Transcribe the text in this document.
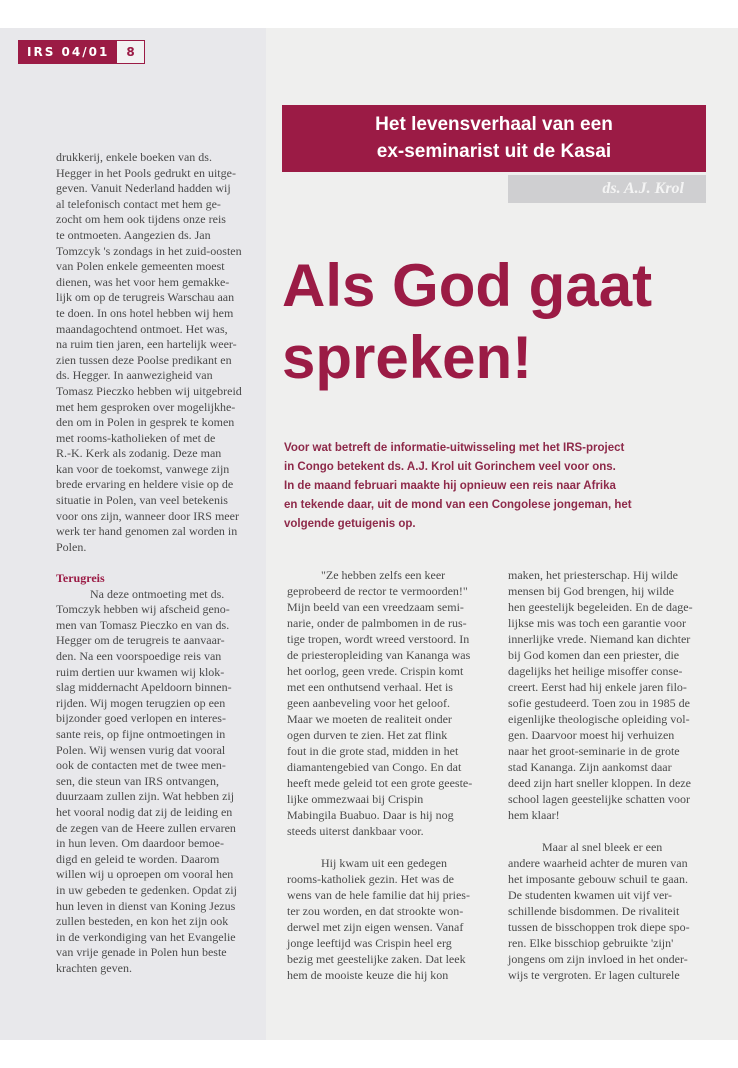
IRS 04/01	8
drukkerij, enkele boeken van ds.
Hegger in het Pools gedrukt en uitge-
geven. Vanuit Nederland hadden wij
al telefonisch contact met hem ge-
zocht om hem ook tijdens onze reis
te ontmoeten. Aangezien ds. Jan
Tomzcyk 's zondags in het zuid-oosten
van Polen enkele gemeenten moest
dienen, was het voor hem gemakke-
lijk om op de terugreis Warschau aan
te doen. In ons hotel hebben wij hem
maandagochtend ontmoet. Het was,
na ruim tien jaren, een hartelijk weer-
zien tussen deze Poolse predikant en
ds. Hegger. In aanwezigheid van
Tomasz Pieczko hebben wij uitgebreid
met hem gesproken over mogelijkhe-
den om in Polen in gesprek te komen
met rooms-katholieken of met de
R.-K. Kerk als zodanig. Deze man
kan voor de toekomst, vanwege zijn
brede ervaring en heldere visie op de
situatie in Polen, van veel betekenis
voor ons zijn, wanneer door IRS meer
werk ter hand genomen zal worden in
Polen.
Terugreis
Na deze ontmoeting met ds.
Tomczyk hebben wij afscheid geno-
men van Tomasz Pieczko en van ds.
Hegger om de terugreis te aanvaar-
den. Na een voorspoedige reis van
ruim dertien uur kwamen wij klok-
slag middernacht Apeldoorn binnen-
rijden. Wij mogen terugzien op een
bijzonder goed verlopen en interes-
sante reis, op fijne ontmoetingen in
Polen. Wij wensen vurig dat vooral
ook de contacten met de twee men-
sen, die steun van IRS ontvangen,
duurzaam zullen zijn. Wat hebben zij
het vooral nodig dat zij de leiding en
de zegen van de Heere zullen ervaren
in hun leven. Om daardoor bemoe-
digd en geleid te worden. Daarom
willen wij u oproepen om vooral hen
in uw gebeden te gedenken. Opdat zij
hun leven in dienst van Koning Jezus
zullen besteden, en kon het zijn ook
in de verkondiging van het Evangelie
van vrije genade in Polen hun beste
krachten geven.
Het levensverhaal van een
ex-seminarist uit de Kasai
ds. A.J. Krol
Als God gaat
spreken!
Voor wat betreft de informatie-uitwisseling met het IRS-project
in Congo betekent ds. A.J. Krol uit Gorinchem veel voor ons.
In de maand februari maakte hij opnieuw een reis naar Afrika
en tekende daar, uit de mond van een Congolese jongeman, het
volgende getuigenis op.
"Ze hebben zelfs een keer
geprobeerd de rector te vermoorden!"
Mijn beeld van een vreedzaam semi-
narie, onder de palmbomen in de rus-
tige tropen, wordt wreed verstoord. In
de priesteropleiding van Kananga was
het oorlog, geen vrede. Crispin komt
met een onthutsend verhaal. Het is
geen aanbeveling voor het geloof.
Maar we moeten de realiteit onder
ogen durven te zien. Het zat flink
fout in die grote stad, midden in het
diamantengebied van Congo. En dat
heeft mede geleid tot een grote geeste-
lijke ommezwaai bij Crispin
Mabingila Buabuo. Daar is hij nog
steeds uiterst dankbaar voor.
Hij kwam uit een gedegen
rooms-katholiek gezin. Het was de
wens van de hele familie dat hij pries-
ter zou worden, en dat strookte won-
derwel met zijn eigen wensen. Vanaf
jonge leeftijd was Crispin heel erg
bezig met geestelijke zaken. Dat leek
hem de mooiste keuze die hij kon
maken, het priesterschap. Hij wilde
mensen bij God brengen, hij wilde
hen geestelijk begeleiden. En de dage-
lijkse mis was toch een garantie voor
innerlijke vrede. Niemand kan dichter
bij God komen dan een priester, die
dagelijks het heilige misoffer conse-
creert. Eerst had hij enkele jaren filo-
sofie gestudeerd. Toen zou in 1985 de
eigenlijke theologische opleiding vol-
gen. Daarvoor moest hij verhuizen
naar het groot-seminarie in de grote
stad Kananga. Zijn aankomst daar
deed zijn hart sneller kloppen. In deze
school lagen geestelijke schatten voor
hem klaar!
Maar al snel bleek er een
andere waarheid achter de muren van
het imposante gebouw schuil te gaan.
De studenten kwamen uit vijf ver-
schillende bisdommen. De rivaliteit
tussen de bisschoppen trok diepe spo-
ren. Elke bisschiop gebruikte 'zijn'
jongens om zijn invloed in het onder-
wijs te vergroten. Er lagen culturele
